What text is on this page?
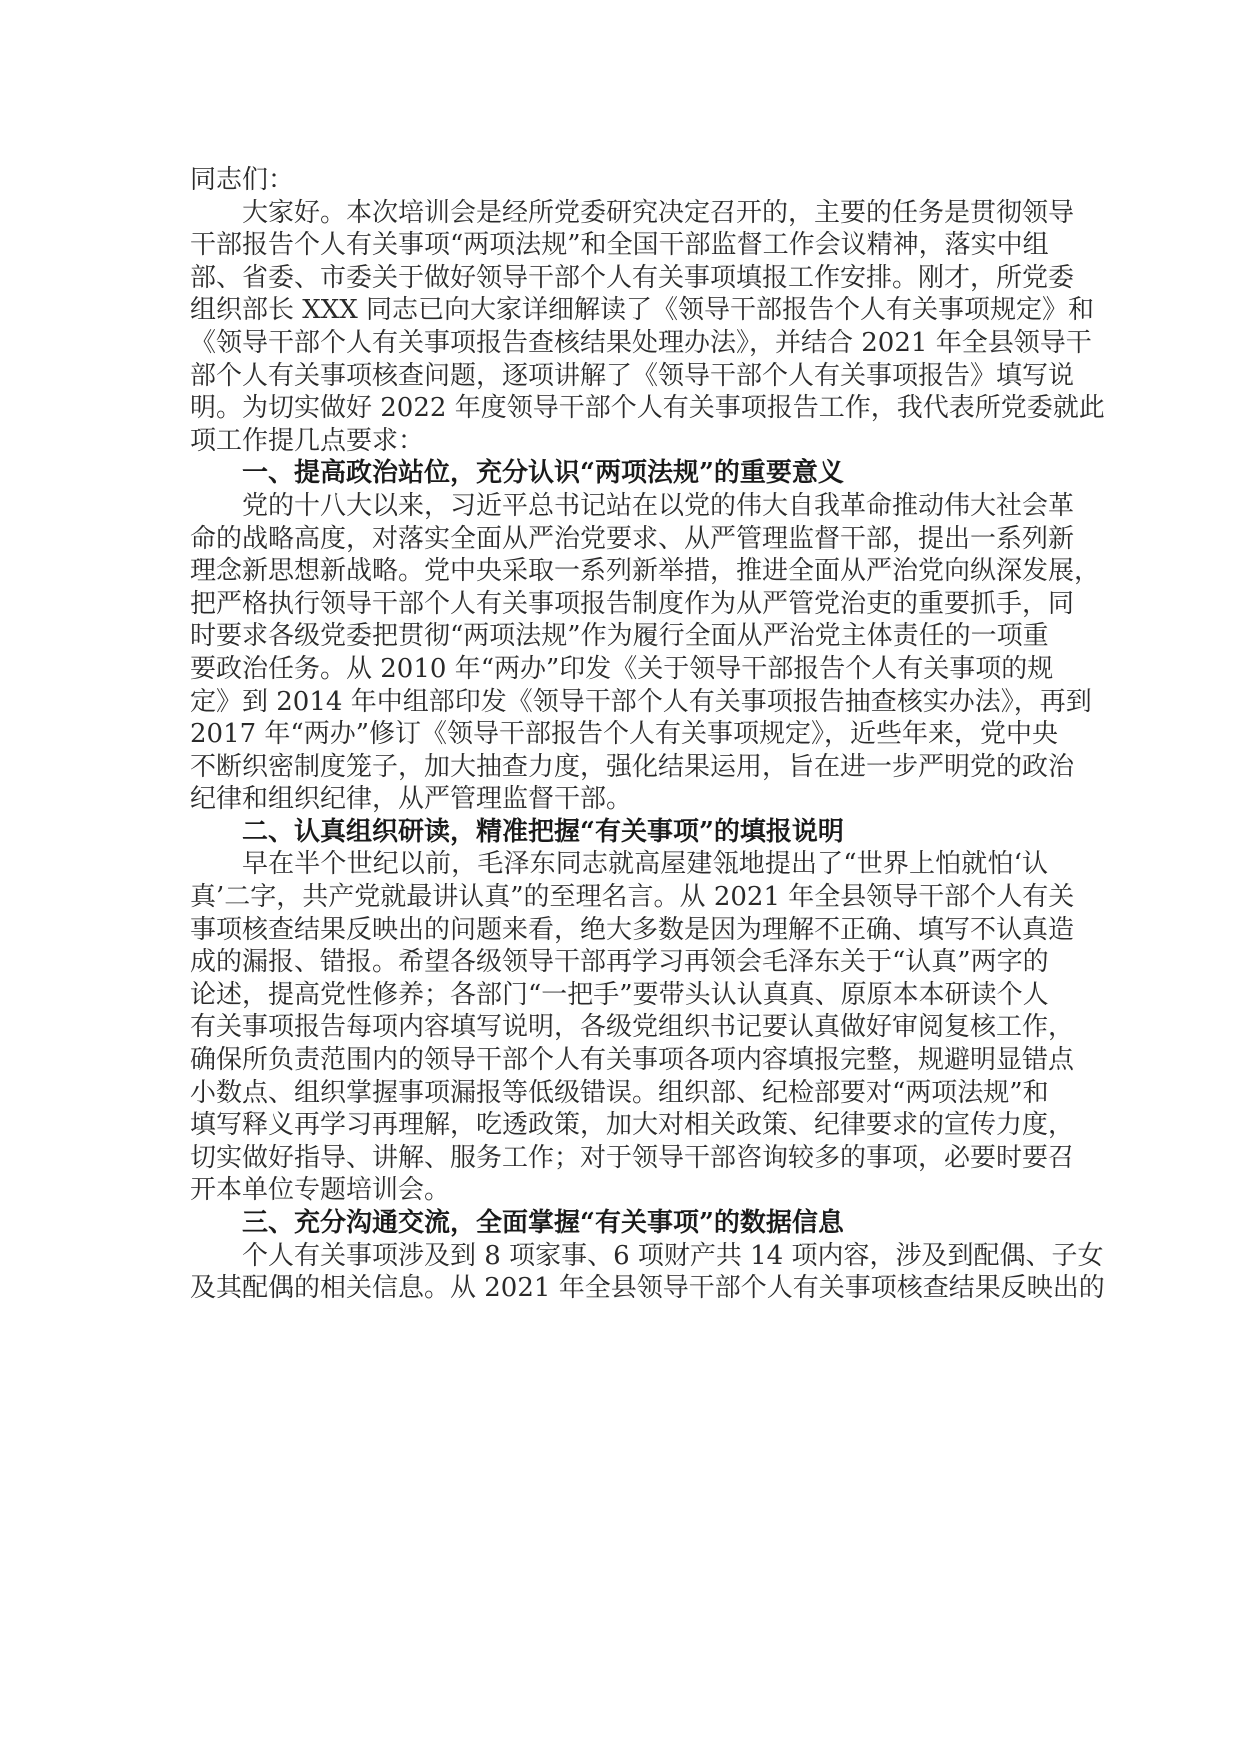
同志们：
大家好。本次培训会是经所党委研究决定召开的，主要的任务是贯彻领导
干部报告个人有关事项“两项法规”和全国干部监督工作会议精神，落实中组
部、省委、市委关于做好领导干部个人有关事项填报工作安排。刚才，所党委
组织部长 XXX 同志已向大家详细解读了《领导干部报告个人有关事项规定》和
《领导干部个人有关事项报告查核结果处理办法》，并结合 2021 年全县领导干
部个人有关事项核查问题，逐项讲解了《领导干部个人有关事项报告》填写说
明。为切实做好 2022 年度领导干部个人有关事项报告工作，我代表所党委就此
项工作提几点要求：
一、提高政治站位，充分认识“两项法规”的重要意义
党的十八大以来，习近平总书记站在以党的伟大自我革命推动伟大社会革
命的战略高度，对落实全面从严治党要求、从严管理监督干部，提出一系列新
理念新思想新战略。党中央采取一系列新举措，推进全面从严治党向纵深发展，
把严格执行领导干部个人有关事项报告制度作为从严管党治吏的重要抓手，同
时要求各级党委把贯彻“两项法规”作为履行全面从严治党主体责任的一项重
要政治任务。从 2010 年“两办”印发《关于领导干部报告个人有关事项的规
定》到 2014 年中组部印发《领导干部个人有关事项报告抽查核实办法》，再到
2017 年“两办”修订《领导干部报告个人有关事项规定》，近些年来，党中央
不断织密制度笼子，加大抽查力度，强化结果运用，旨在进一步严明党的政治
纪律和组织纪律，从严管理监督干部。
二、认真组织研读，精准把握“有关事项”的填报说明
早在半个世纪以前，毛泽东同志就高屋建瓴地提出了“世界上怕就怕‘认
真’二字，共产党就最讲认真”的至理名言。从 2021 年全县领导干部个人有关
事项核查结果反映出的问题来看，绝大多数是因为理解不正确、填写不认真造
成的漏报、错报。希望各级领导干部再学习再领会毛泽东关于“认真”两字的
论述，提高党性修养；各部门“一把手”要带头认认真真、原原本本研读个人
有关事项报告每项内容填写说明，各级党组织书记要认真做好审阅复核工作，
确保所负责范围内的领导干部个人有关事项各项内容填报完整，规避明显错点
小数点、组织掌握事项漏报等低级错误。组织部、纪检部要对“两项法规”和
填写释义再学习再理解，吃透政策，加大对相关政策、纪律要求的宣传力度，
切实做好指导、讲解、服务工作；对于领导干部咨询较多的事项，必要时要召
开本单位专题培训会。
三、充分沟通交流，全面掌握“有关事项”的数据信息
个人有关事项涉及到 8 项家事、6 项财产共 14 项内容，涉及到配偶、子女
及其配偶的相关信息。从 2021 年全县领导干部个人有关事项核查结果反映出的
